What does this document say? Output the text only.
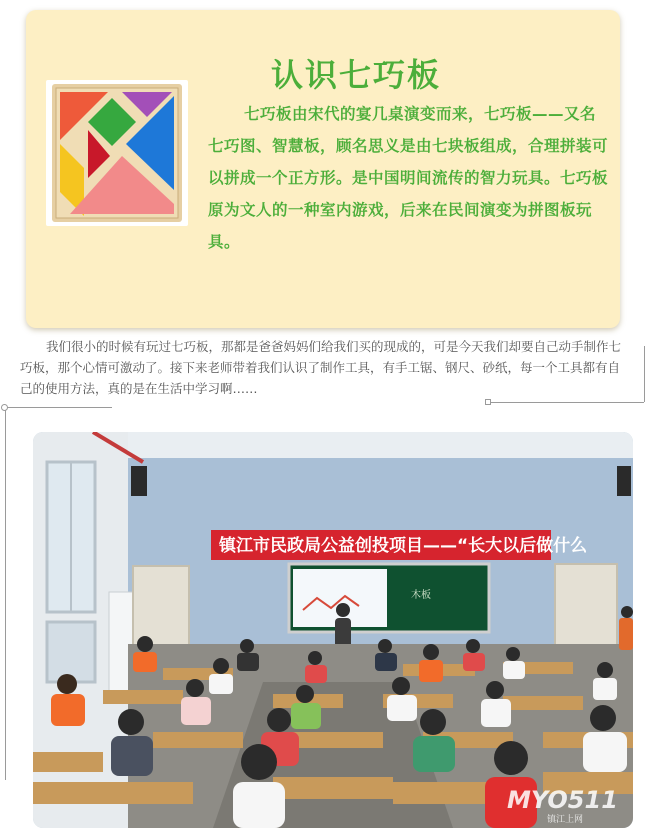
认识七巧板

七巧板由宋代的宴几桌演变而来，七巧板——又名七巧图、智慧板，顾名思义是由七块板组成，合理拼装可以拼成一个正方形。是中国明间流传的智力玩具。七巧板原为文人的一种室内游戏，后来在民间演变为拼图板玩具。

我们很小的时候有玩过七巧板，那都是爸爸妈妈们给我们买的现成的，可是今天我们却要自己动手制作七巧板，那个心情可激动了。接下来老师带着我们认识了制作工具，有手工锯、钢尺、砂纸，每一个工具都有自己的使用方法，真的是在生活中学习啊……

镇江市民政局公益创投项目——“长大以后做什么
木板
MYO511
镇江上网
